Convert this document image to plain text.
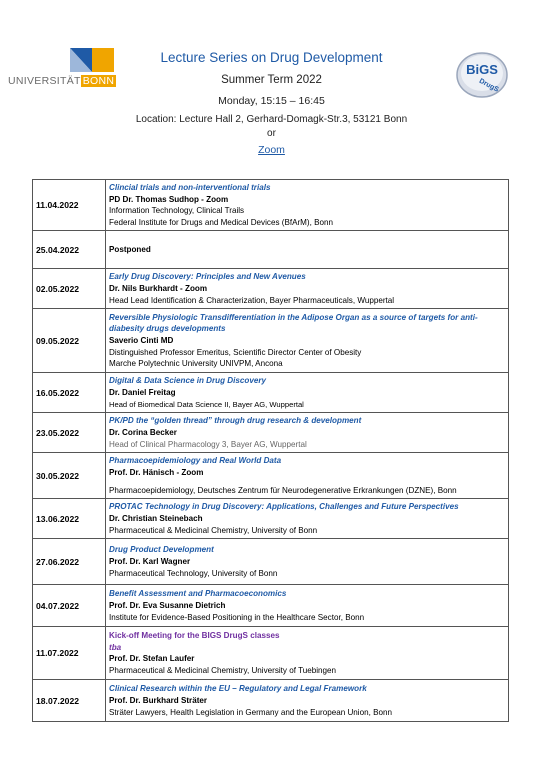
UNIVERSITÄT BONN
BiGS
DrugS
Lecture Series on Drug Development
Summer Term 2022
Monday, 15:15 – 16:45
Location: Lecture Hall 2, Gerhard-Domagk-Str.3, 53121 Bonn
or
Zoom
11.04.2022	Clincial trials and non-interventional trials
PD Dr. Thomas Sudhop - Zoom
Information Technology, Clinical Trails
Federal Institute for Drugs and Medical Devices (BfArM), Bonn

25.04.2022	Postponed

02.05.2022	Early Drug Discovery: Principles and New Avenues
Dr. Nils Burkhardt - Zoom
Head Lead Identification & Characterization, Bayer Pharmaceuticals, Wuppertal

09.05.2022	Reversible Physiologic Transdifferentiation in the Adipose Organ as a source of targets for anti-diabesity drugs developments
Saverio Cinti MD
Distinguished Professor Emeritus, Scientific Director Center of Obesity
Marche Polytechnic University UNIVPM, Ancona

16.05.2022	Digital & Data Science in Drug Discovery
Dr. Daniel Freitag
Head of Biomedical Data Science II, Bayer AG, Wuppertal

23.05.2022	PK/PD the “golden thread” through drug research & development
Dr. Corina Becker
Head of Clinical Pharmacology 3, Bayer AG, Wuppertal

30.05.2022	Pharmacoepidemiology and Real World Data
Prof. Dr. Hänisch - Zoom
Pharmacoepidemiology, Deutsches Zentrum für Neurodegenerative Erkrankungen (DZNE), Bonn

13.06.2022	PROTAC Technology in Drug Discovery: Applications, Challenges and Future Perspectives
Dr. Christian Steinebach
Pharmaceutical & Medicinal Chemistry, University of Bonn

27.06.2022	Drug Product Development
Prof. Dr. Karl Wagner
Pharmaceutical Technology, University of Bonn

04.07.2022	Benefit Assessment and Pharmacoeconomics
Prof. Dr. Eva Susanne Dietrich
Institute for Evidence-Based Positioning in the Healthcare Sector, Bonn

11.07.2022	Kick-off Meeting for the BIGS DrugS classes
tba
Prof. Dr. Stefan Laufer
Pharmaceutical & Medicinal Chemistry, University of Tuebingen

18.07.2022	Clinical Research within the EU – Regulatory and Legal Framework
Prof. Dr. Burkhard Sträter
Sträter Lawyers, Health Legislation in Germany and the European Union, Bonn
